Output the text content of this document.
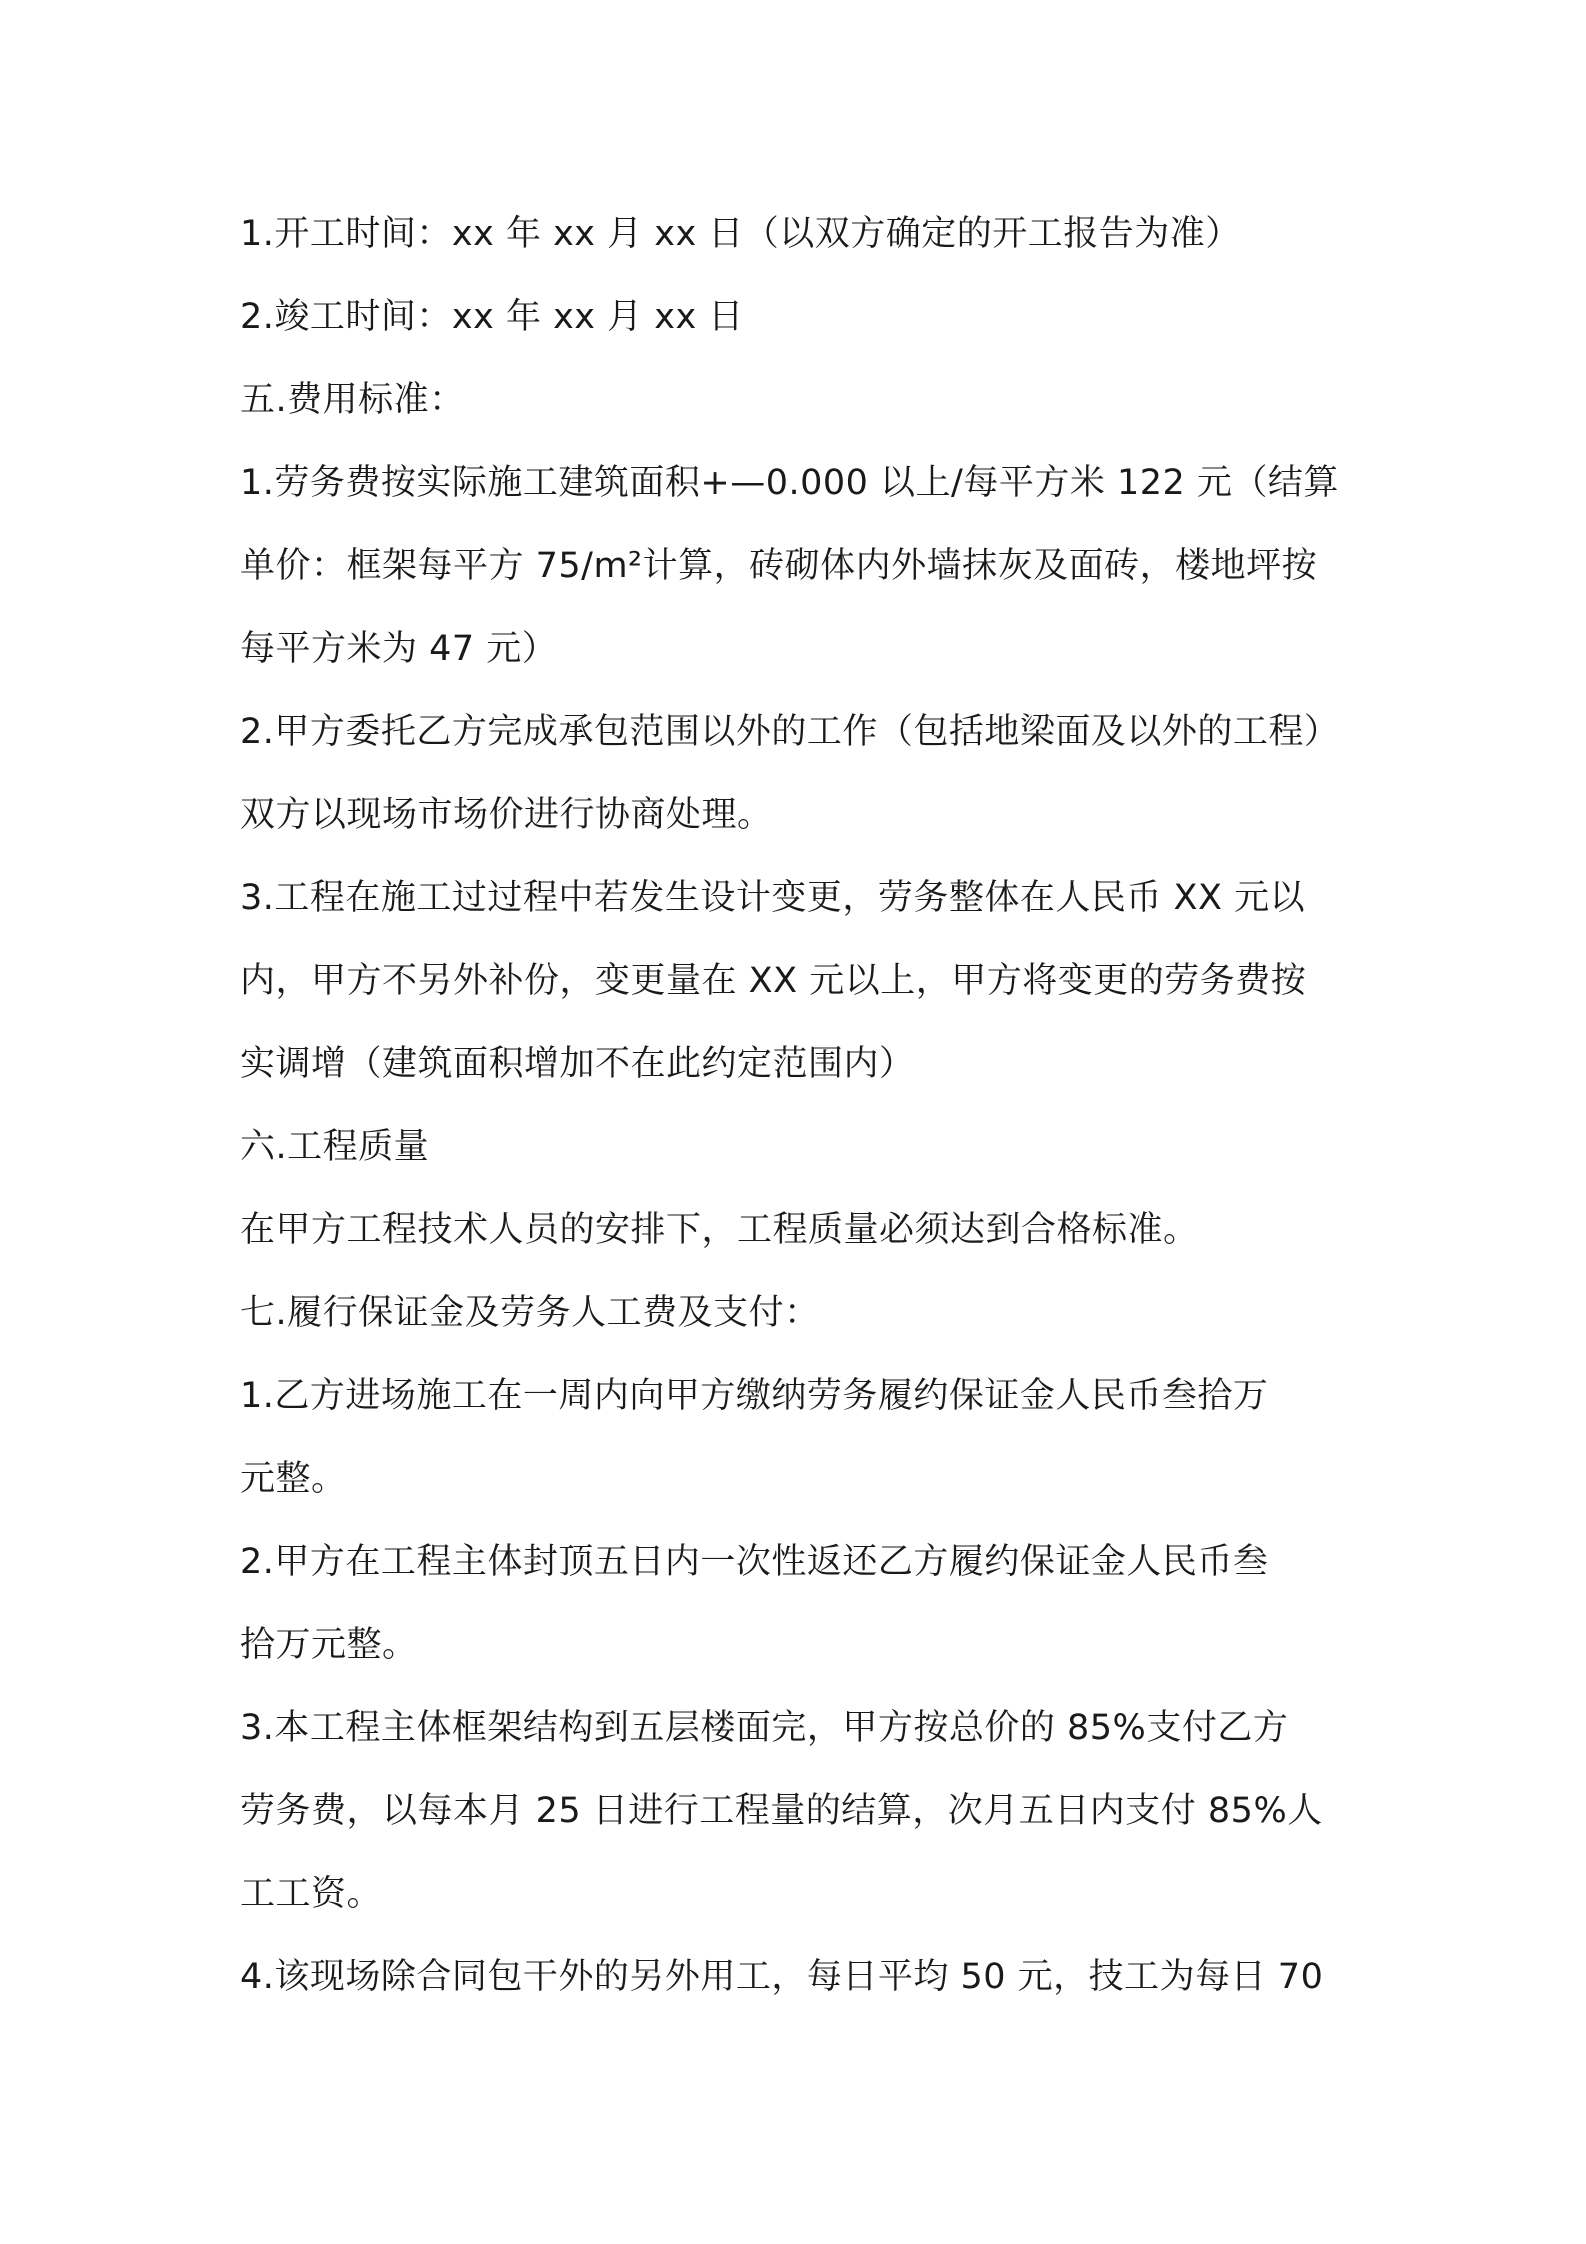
1.开工时间：xx 年 xx 月 xx 日（以双方确定的开工报告为准）
2.竣工时间：xx 年 xx 月 xx 日
五.费用标准：
1.劳务费按实际施工建筑面积+—0.000 以上/每平方米 122 元（结算
单价：框架每平方 75/m²计算，砖砌体内外墙抹灰及面砖，楼地坪按
每平方米为 47 元）
2.甲方委托乙方完成承包范围以外的工作（包括地梁面及以外的工程）
双方以现场市场价进行协商处理。
3.工程在施工过过程中若发生设计变更，劳务整体在人民币 XX 元以
内，甲方不另外补份，变更量在 XX 元以上，甲方将变更的劳务费按
实调增（建筑面积增加不在此约定范围内）
六.工程质量
在甲方工程技术人员的安排下，工程质量必须达到合格标准。
七.履行保证金及劳务人工费及支付：
1.乙方进场施工在一周内向甲方缴纳劳务履约保证金人民币叁拾万
元整。
2.甲方在工程主体封顶五日内一次性返还乙方履约保证金人民币叁
拾万元整。
3.本工程主体框架结构到五层楼面完，甲方按总价的 85%支付乙方
劳务费，以每本月 25 日进行工程量的结算，次月五日内支付 85%人
工工资。
4.该现场除合同包干外的另外用工，每日平均 50 元，技工为每日 70
